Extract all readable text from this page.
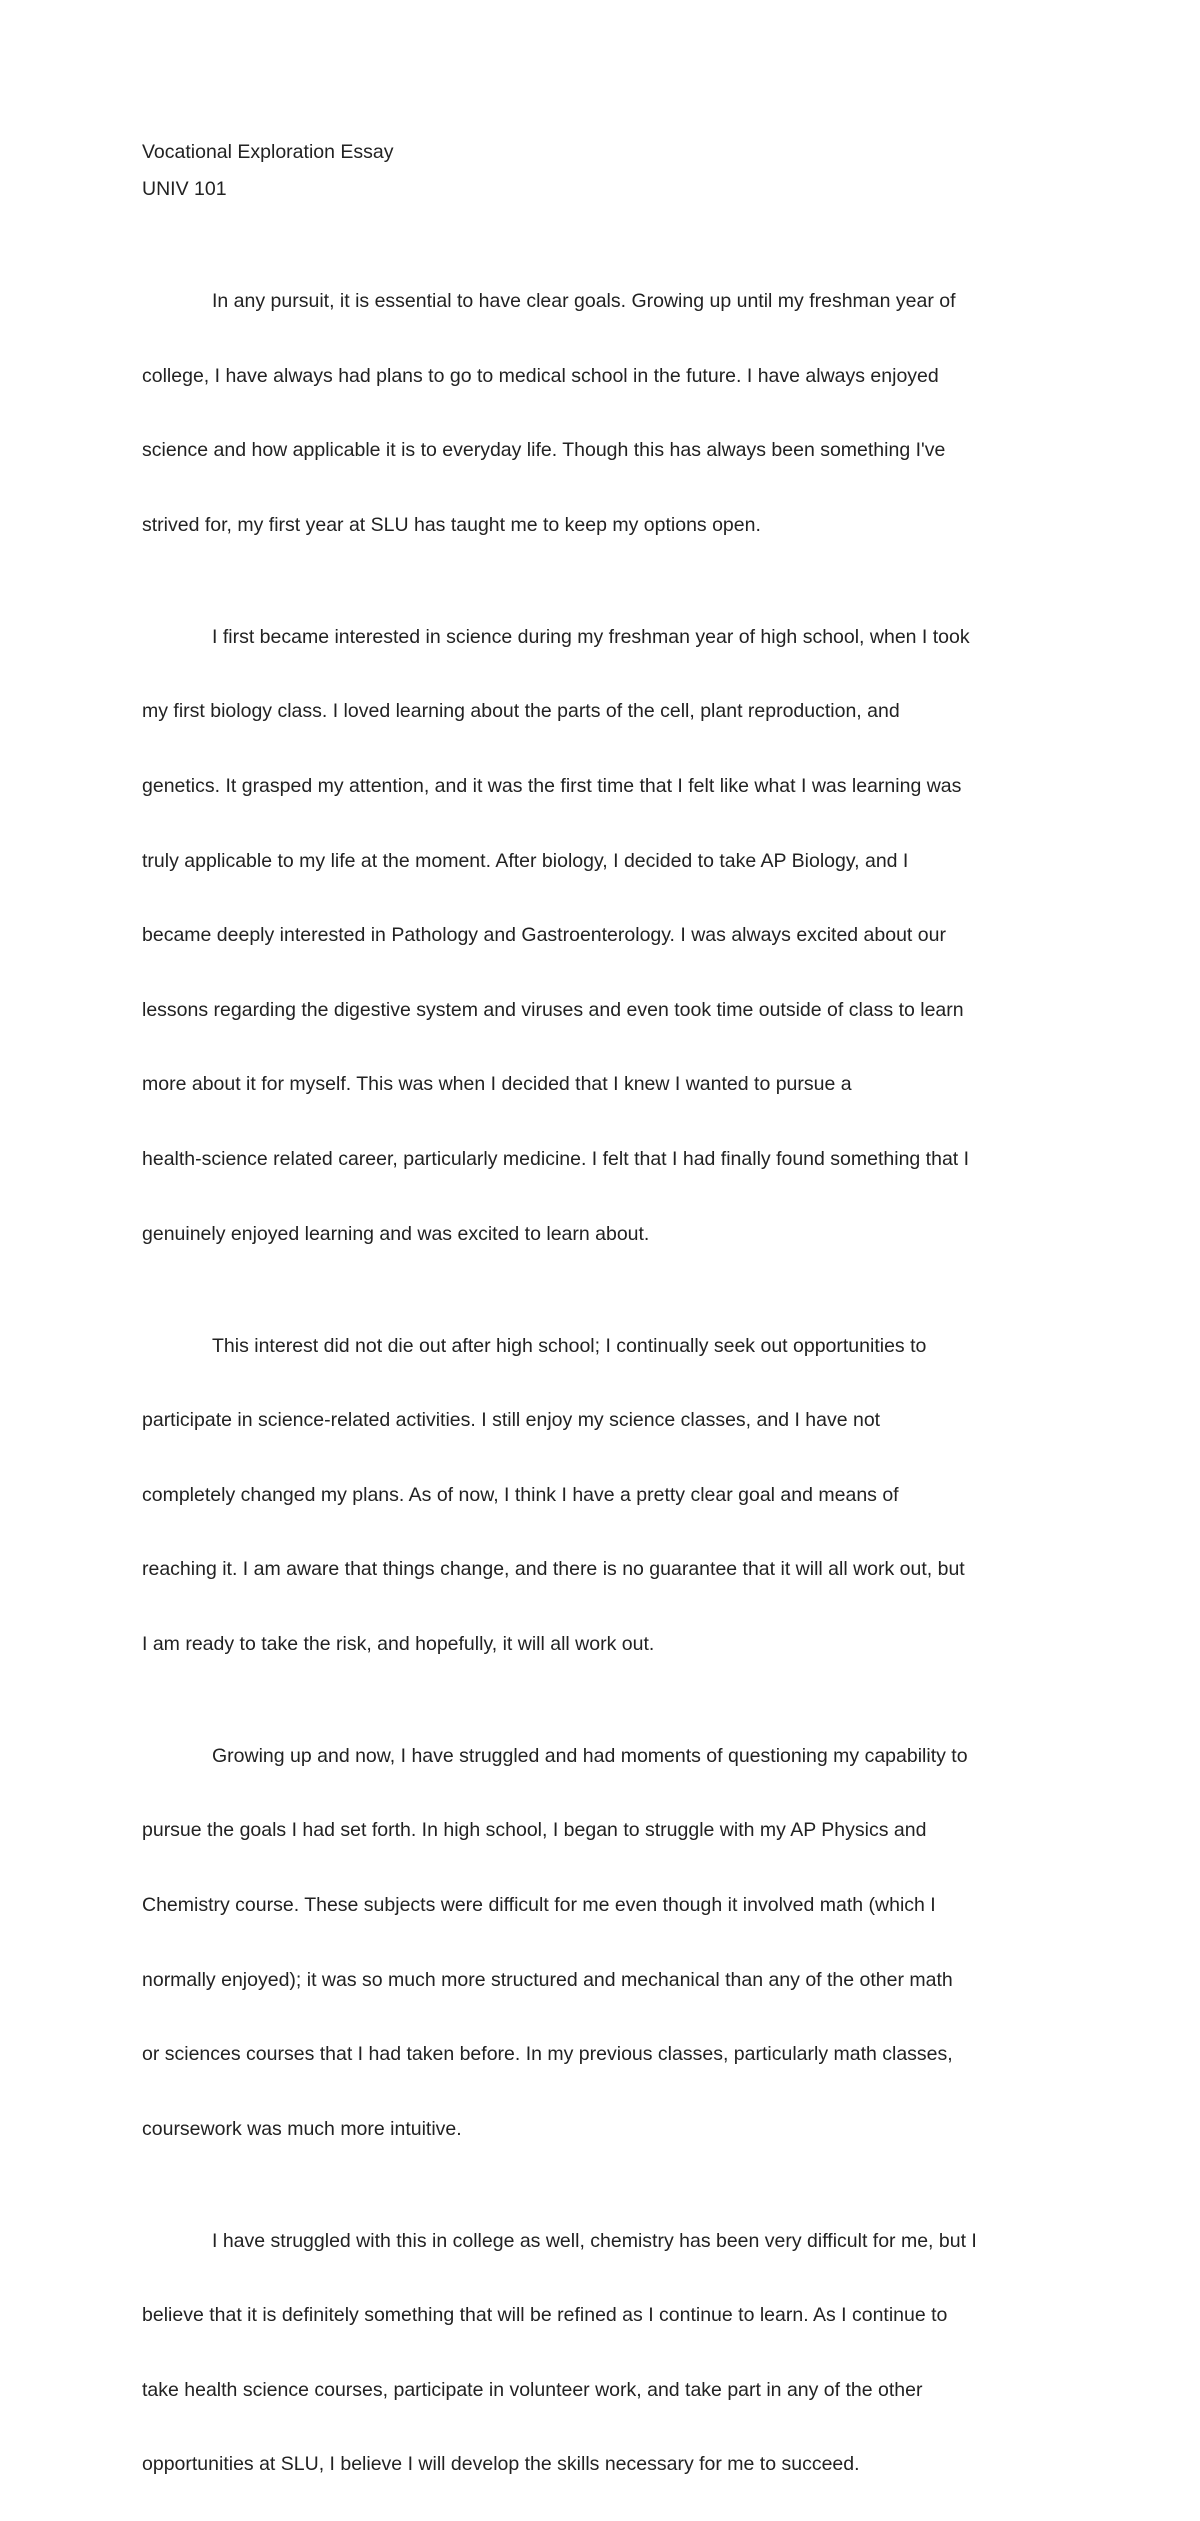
Vocational Exploration Essay

UNIV 101

In any pursuit, it is essential to have clear goals. Growing up until my freshman year of

college, I have always had plans to go to medical school in the future. I have always enjoyed

science and how applicable it is to everyday life. Though this has always been something I've

strived for, my first year at SLU has taught me to keep my options open.

I first became interested in science during my freshman year of high school, when I took

my first biology class. I loved learning about the parts of the cell, plant reproduction, and

genetics. It grasped my attention, and it was the first time that I felt like what I was learning was

truly applicable to my life at the moment. After biology, I decided to take AP Biology, and I

became deeply interested in Pathology and Gastroenterology. I was always excited about our

lessons regarding the digestive system and viruses and even took time outside of class to learn

more about it for myself. This was when I decided that I knew I wanted to pursue a

health-science related career, particularly medicine. I felt that I had finally found something that I

genuinely enjoyed learning and was excited to learn about.

This interest did not die out after high school; I continually seek out opportunities to

participate in science-related activities. I still enjoy my science classes, and I have not

completely changed my plans. As of now, I think I have a pretty clear goal and means of

reaching it. I am aware that things change, and there is no guarantee that it will all work out, but

I am ready to take the risk, and hopefully, it will all work out.

Growing up and now, I have struggled and had moments of questioning my capability to

pursue the goals I had set forth. In high school, I began to struggle with my AP Physics and

Chemistry course. These subjects were difficult for me even though it involved math (which I

normally enjoyed); it was so much more structured and mechanical than any of the other math

or sciences courses that I had taken before. In my previous classes, particularly math classes,

coursework was much more intuitive.

I have struggled with this in college as well, chemistry has been very difficult for me, but I

believe that it is definitely something that will be refined as I continue to learn. As I continue to

take health science courses, participate in volunteer work, and take part in any of the other

opportunities at SLU, I believe I will develop the skills necessary for me to succeed.
